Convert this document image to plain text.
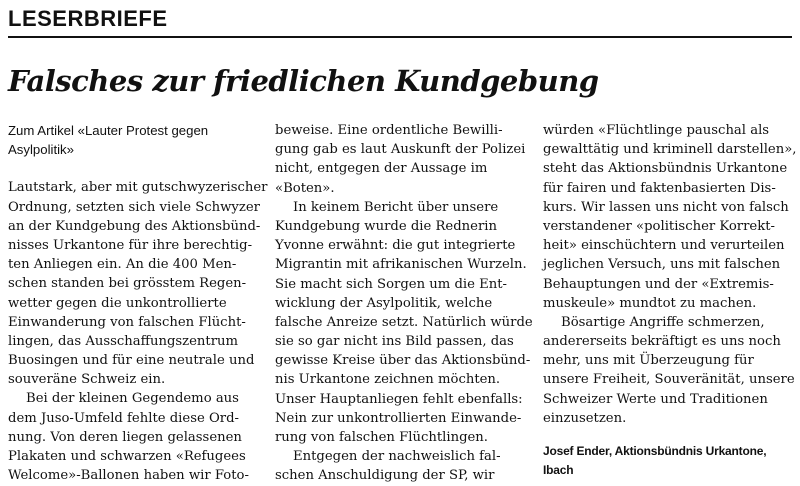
LESERBRIEFE
Falsches zur friedlichen Kundgebung
Zum Artikel «Lauter Protest gegen
Asylpolitik»
Lautstark, aber mit gutschwyzerischer
Ordnung, setzten sich viele Schwyzer
an der Kundgebung des Aktionsbünd-
nisses Urkantone für ihre berechtig-
ten Anliegen ein. An die 400 Men-
schen standen bei grösstem Regen-
wetter gegen die unkontrollierte
Einwanderung von falschen Flücht-
lingen, das Ausschaffungszentrum
Buosingen und für eine neutrale und
souveräne Schweiz ein.
Bei der kleinen Gegendemo aus
dem Juso-Umfeld fehlte diese Ord-
nung. Von deren liegen gelassenen
Plakaten und schwarzen «Refugees
Welcome»-Ballonen haben wir Foto-
beweise. Eine ordentliche Bewilli-
gung gab es laut Auskunft der Polizei
nicht, entgegen der Aussage im
«Boten».
In keinem Bericht über unsere
Kundgebung wurde die Rednerin
Yvonne erwähnt: die gut integrierte
Migrantin mit afrikanischen Wurzeln.
Sie macht sich Sorgen um die Ent-
wicklung der Asylpolitik, welche
falsche Anreize setzt. Natürlich würde
sie so gar nicht ins Bild passen, das
gewisse Kreise über das Aktionsbünd-
nis Urkantone zeichnen möchten.
Unser Hauptanliegen fehlt ebenfalls:
Nein zur unkontrollierten Einwande-
rung von falschen Flüchtlingen.
Entgegen der nachweislich fal-
schen Anschuldigung der SP, wir
würden «Flüchtlinge pauschal als
gewalttätig und kriminell darstellen»,
steht das Aktionsbündnis Urkantone
für fairen und faktenbasierten Dis-
kurs. Wir lassen uns nicht von falsch
verstandener «politischer Korrekt-
heit» einschüchtern und verurteilen
jeglichen Versuch, uns mit falschen
Behauptungen und der «Extremis-
muskeule» mundtot zu machen.
Bösartige Angriffe schmerzen,
andererseits bekräftigt es uns noch
mehr, uns mit Überzeugung für
unsere Freiheit, Souveränität, unsere
Schweizer Werte und Traditionen
einzusetzen.
Josef Ender, Aktionsbündnis Urkantone,
Ibach
